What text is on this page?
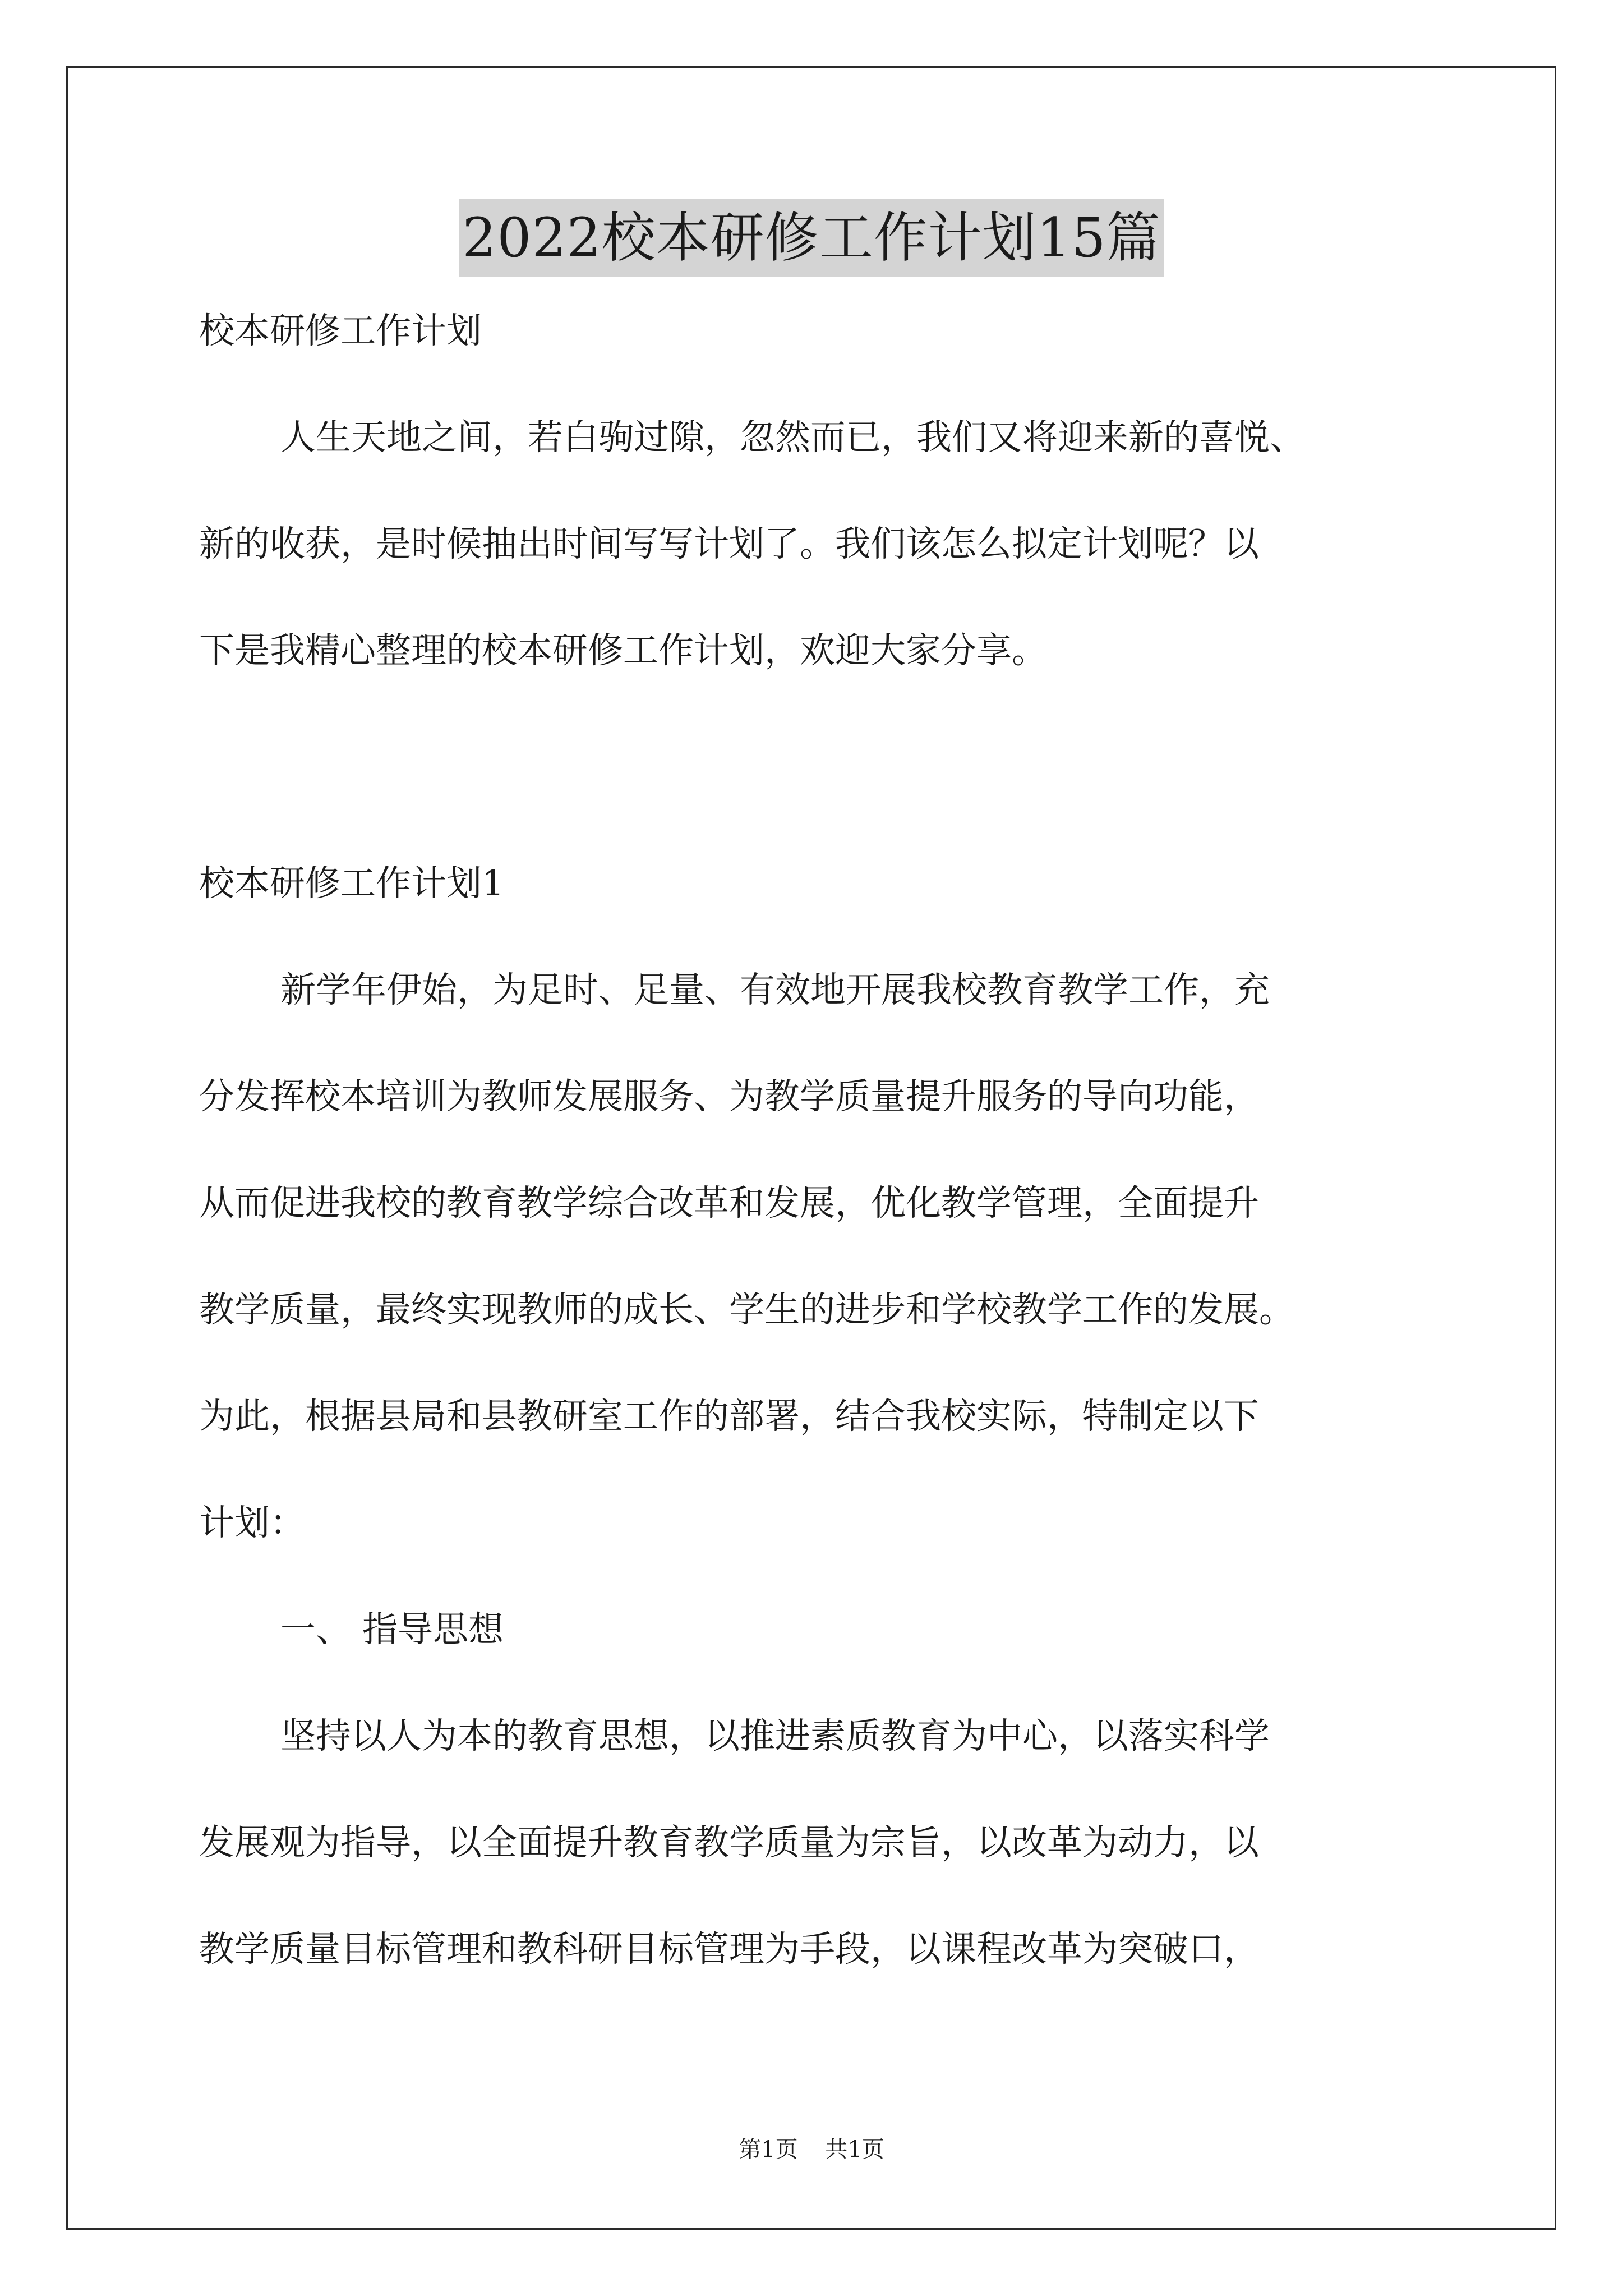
2022校本研修工作计划15篇

校本研修工作计划

人生天地之间，若白驹过隙，忽然而已，我们又将迎来新的喜悦、

新的收获，是时候抽出时间写写计划了。我们该怎么拟定计划呢？以

下是我精心整理的校本研修工作计划，欢迎大家分享。

校本研修工作计划1

新学年伊始，为足时、足量、有效地开展我校教育教学工作，充

分发挥校本培训为教师发展服务、为教学质量提升服务的导向功能，

从而促进我校的教育教学综合改革和发展，优化教学管理，全面提升

教学质量，最终实现教师的成长、学生的进步和学校教学工作的发展。

为此，根据县局和县教研室工作的部署，结合我校实际，特制定以下

计划：

一、 指导思想

坚持以人为本的教育思想，以推进素质教育为中心，以落实科学

发展观为指导，以全面提升教育教学质量为宗旨，以改革为动力，以

教学质量目标管理和教科研目标管理为手段，以课程改革为突破口，

第1页 共1页
